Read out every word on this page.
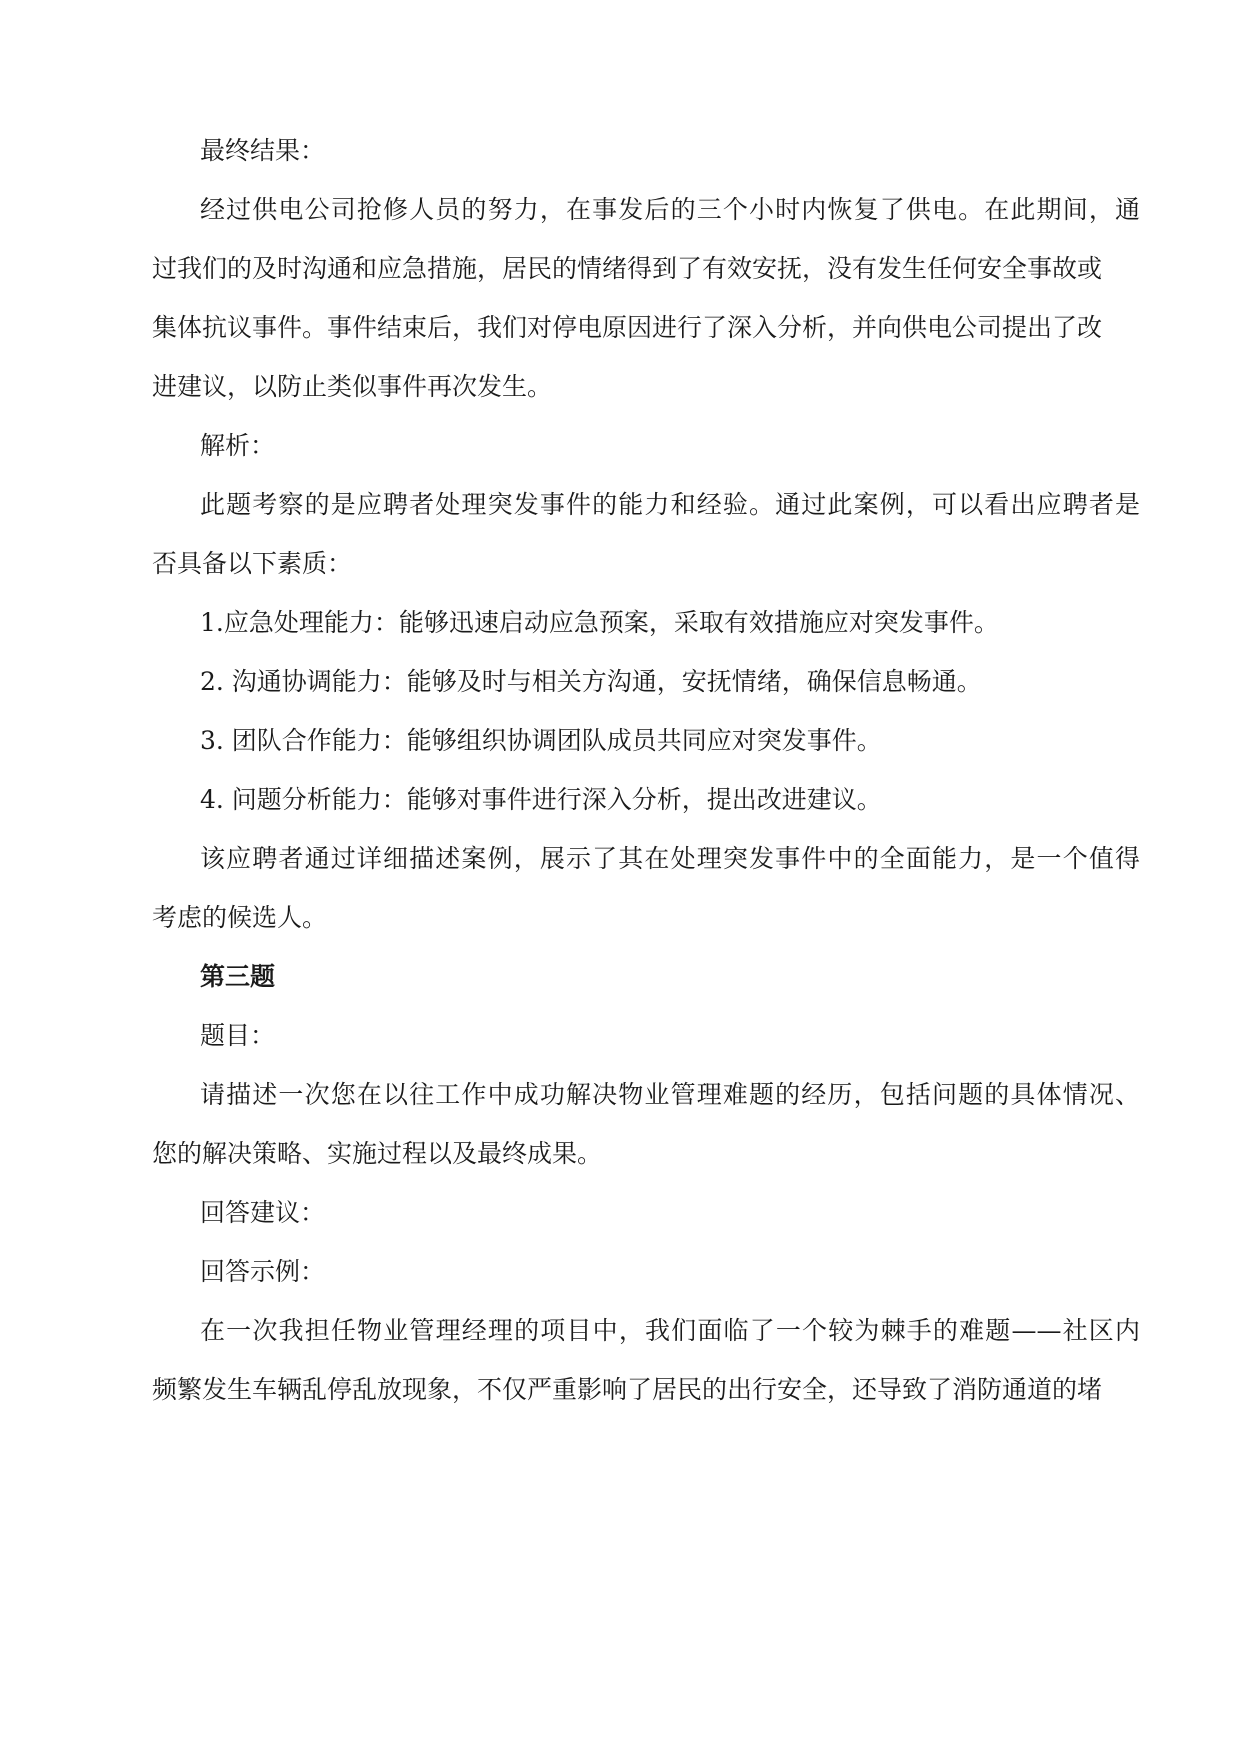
最终结果：

经过供电公司抢修人员的努力，在事发后的三个小时内恢复了供电。在此期间，通

过我们的及时沟通和应急措施，居民的情绪得到了有效安抚，没有发生任何安全事故或

集体抗议事件。事件结束后，我们对停电原因进行了深入分析，并向供电公司提出了改

进建议，以防止类似事件再次发生。

解析：

此题考察的是应聘者处理突发事件的能力和经验。通过此案例，可以看出应聘者是

否具备以下素质：

1.应急处理能力：能够迅速启动应急预案，采取有效措施应对突发事件。

2. 沟通协调能力：能够及时与相关方沟通，安抚情绪，确保信息畅通。

3. 团队合作能力：能够组织协调团队成员共同应对突发事件。

4. 问题分析能力：能够对事件进行深入分析，提出改进建议。

该应聘者通过详细描述案例，展示了其在处理突发事件中的全面能力，是一个值得

考虑的候选人。

第三题

题目：

请描述一次您在以往工作中成功解决物业管理难题的经历，包括问题的具体情况、

您的解决策略、实施过程以及最终成果。

回答建议：

回答示例：

在一次我担任物业管理经理的项目中，我们面临了一个较为棘手的难题——社区内

频繁发生车辆乱停乱放现象，不仅严重影响了居民的出行安全，还导致了消防通道的堵
